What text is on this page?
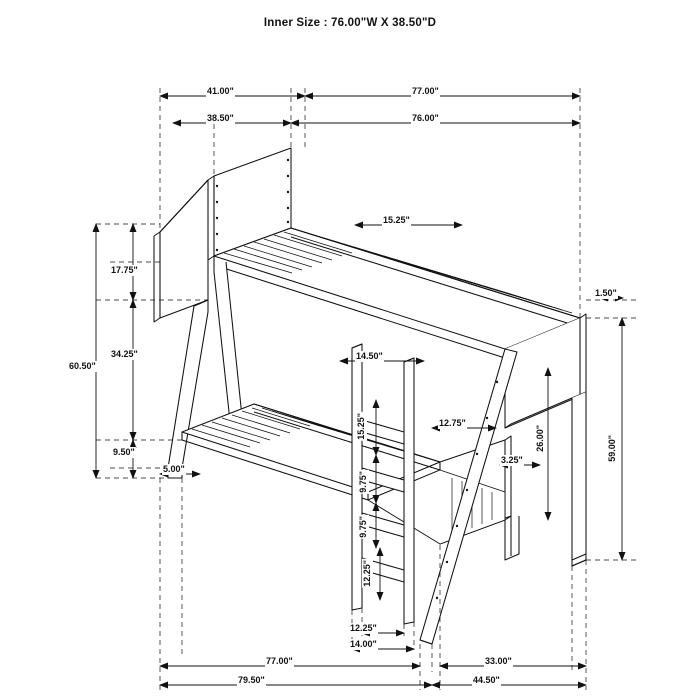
Inner Size : 76.00"W X 38.50"D
41.00"	77.00"
38.50"	76.00"
15.25"
1.50"
17.75"
34.25"
60.50"
9.50"
5.00"
14.50"
15.25"
9.75"
9.75"
12.25"
12.25"
14.00"
12.75"
3.25"
26.00"	59.00"
77.00"	33.00"
79.50"	44.50"
